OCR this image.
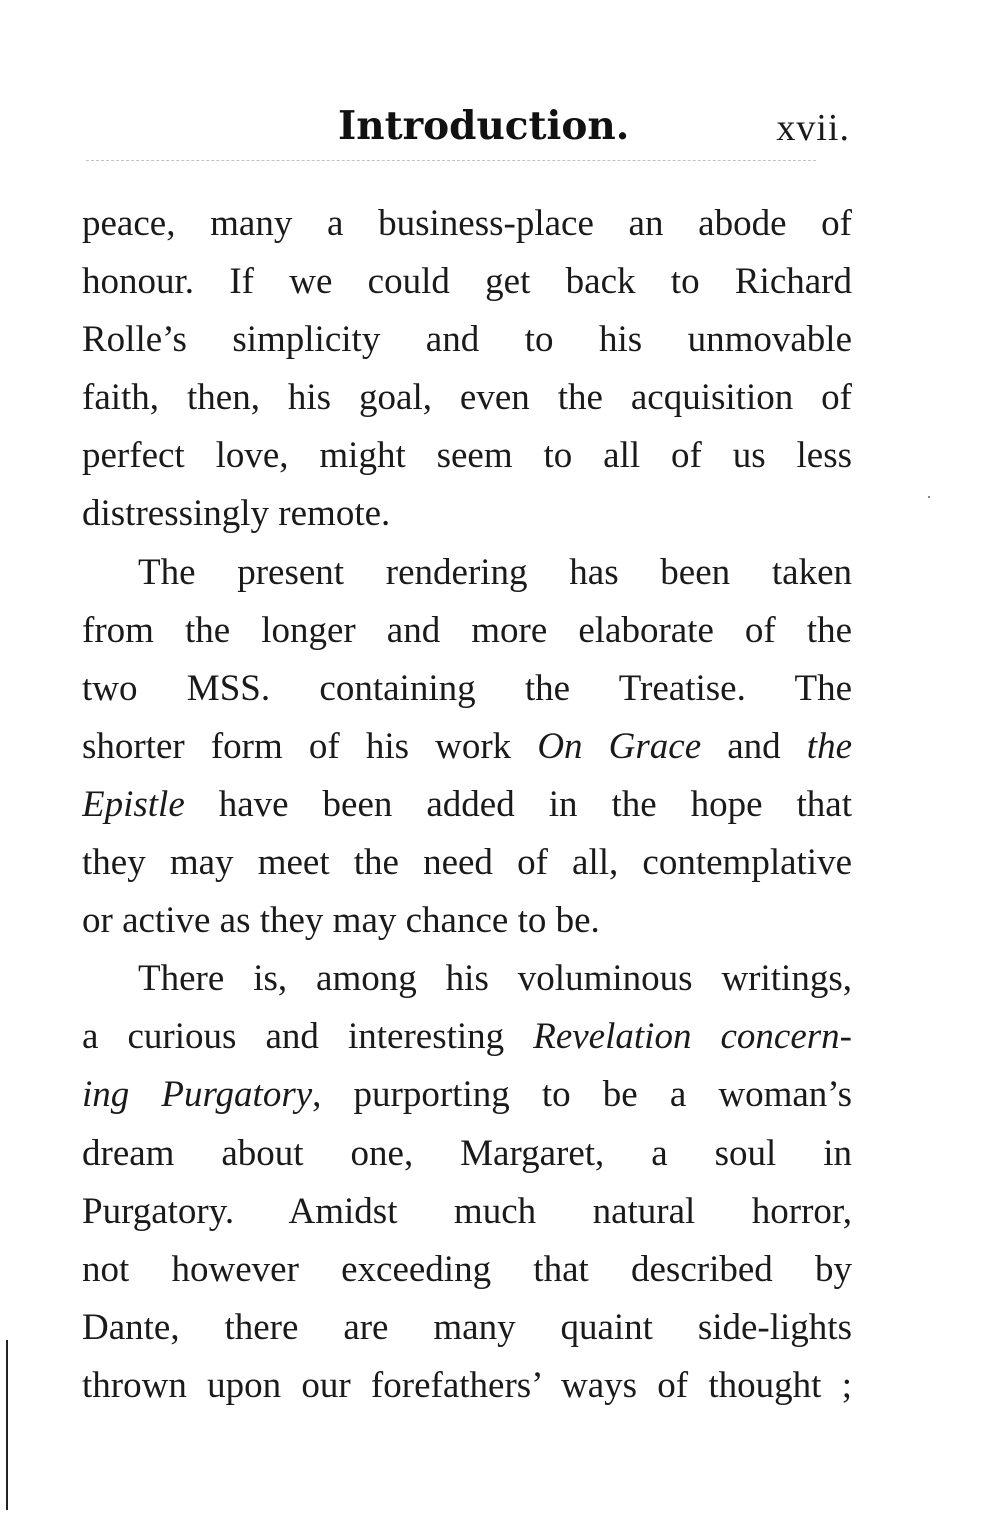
Introduction.	xvii.
peace, many a business-place an abode of
honour. If we could get back to Richard
Rolle’s simplicity and to his unmovable
faith, then, his goal, even the acquisition of
perfect love, might seem to all of us less
distressingly remote.
The present rendering has been taken
from the longer and more elaborate of the
two MSS. containing the Treatise. The
shorter form of his work On Grace and the
Epistle have been added in the hope that
they may meet the need of all, contemplative
or active as they may chance to be.
There is, among his voluminous writings,
a curious and interesting Revelation concern-
ing Purgatory, purporting to be a woman’s
dream about one, Margaret, a soul in
Purgatory. Amidst much natural horror,
not however exceeding that described by
Dante, there are many quaint side-lights
thrown upon our forefathers’ ways of thought ;
